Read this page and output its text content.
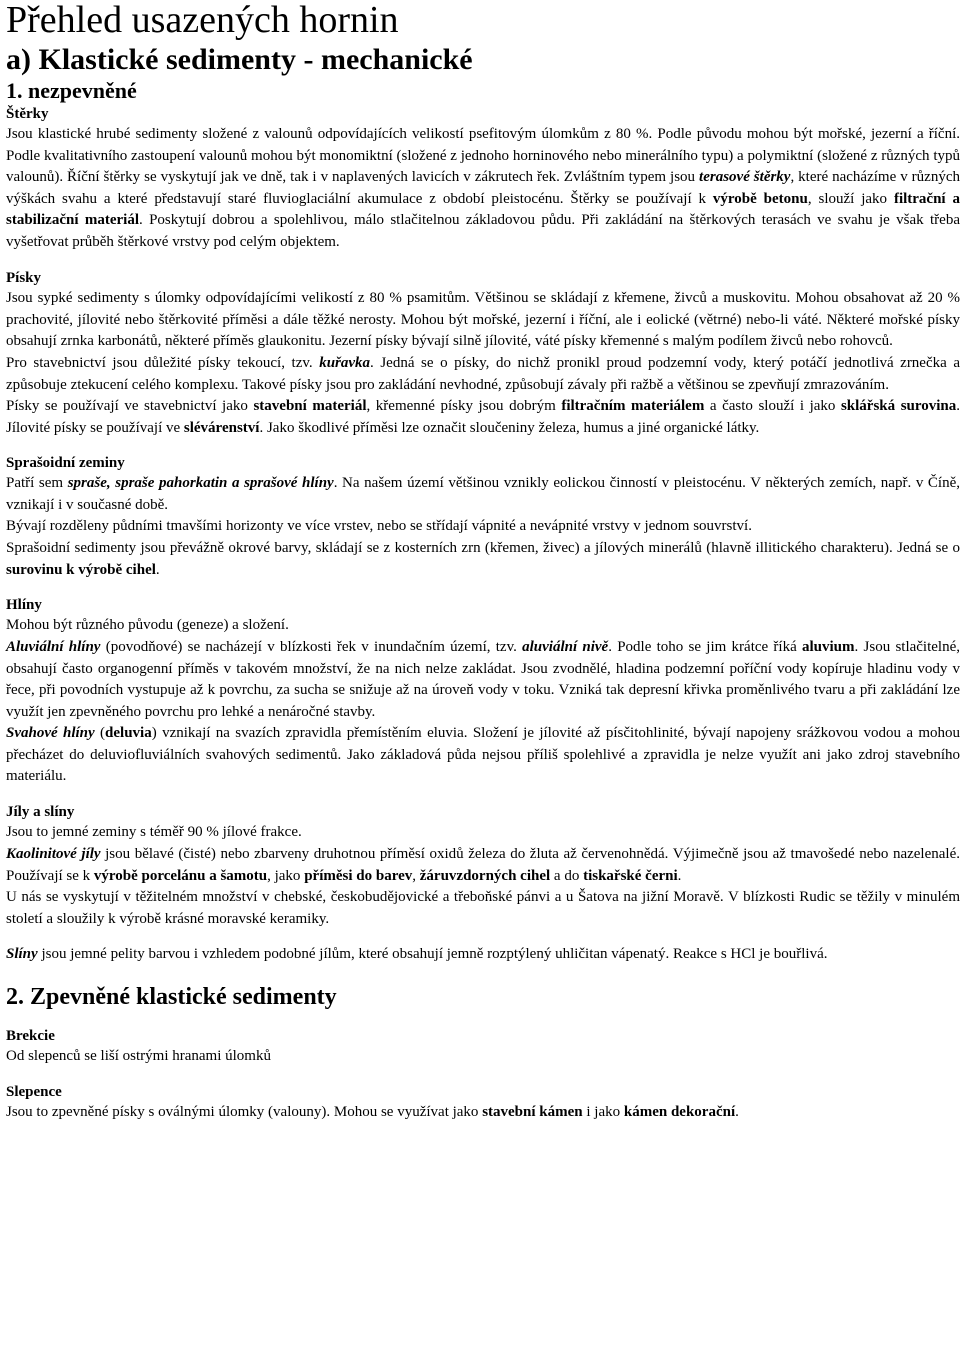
Přehled usazených hornin
a) Klastické sedimenty - mechanické
1. nezpevněné
Štěrky

Jsou klastické hrubé sedimenty složené z valounů odpovídajících velikostí psefitovým úlomkům z 80 %. Podle původu mohou být mořské, jezerní a říční. Podle kvalitativního zastoupení valounů mohou být monomiktní (složené z jednoho horninového nebo minerálního typu) a polymiktní (složené z různých typů valounů). Říční štěrky se vyskytují jak ve dně, tak i v naplavených lavicích v zákrutech řek. Zvláštním typem jsou terasové štěrky, které nacházíme v různých výškách svahu a které představují staré fluvioglaciální akumulace z období pleistocénu. Štěrky se používají k výrobě betonu, slouží jako filtrační a stabilizační materiál. Poskytují dobrou a spolehlivou, málo stlačitelnou základovou půdu. Při zakládání na štěrkových terasách ve svahu je však třeba vyšetřovat průběh štěrkové vrstvy pod celým objektem.

Písky

Jsou sypké sedimenty s úlomky odpovídajícími velikostí z 80 % psamitům. Většinou se skládají z křemene, živců a muskovitu. Mohou obsahovat až 20 % prachovité, jílovité nebo štěrkovité příměsi a dále těžké nerosty. Mohou být mořské, jezerní i říční, ale i eolické (větrné) nebo-li váté. Některé mořské písky obsahují zrnka karbonátů, některé příměs glaukonitu. Jezerní písky bývají silně jílovité, váté písky křemenné s malým podílem živců nebo rohovců.

Pro stavebnictví jsou důležité písky tekoucí, tzv. kuřavka. Jedná se o písky, do nichž pronikl proud podzemní vody, který potáčí jednotlivá zrnečka a způsobuje ztekucení celého komplexu. Takové písky jsou pro zakládání nevhodné, způsobují závaly při ražbě a většinou se zpevňují zmrazováním.

Písky se používají ve stavebnictví jako stavební materiál, křemenné písky jsou dobrým filtračním materiálem a často slouží i jako sklářská surovina. Jílovité písky se používají ve slévárenství. Jako škodlivé příměsi lze označit sloučeniny železa, humus a jiné organické látky.

Sprašoidní zeminy

Patří sem spraše, spraše pahorkatin a sprašové hlíny. Na našem území většinou vznikly eolickou činností v pleistocénu. V některých zemích, např. v Číně, vznikají i v současné době.

Bývají rozděleny půdními tmavšími horizonty ve více vrstev, nebo se střídají vápnité a nevápnité vrstvy v jednom souvrství.

Sprašoidní sedimenty jsou převážně okrové barvy, skládají se z kosterních zrn (křemen, živec) a jílových minerálů (hlavně illitického charakteru). Jedná se o surovinu k výrobě cihel.

Hlíny

Mohou být různého původu (geneze) a složení.

Aluviální hlíny (povodňové) se nacházejí v blízkosti řek v inundačním území, tzv. aluviální nivě. Podle toho se jim krátce říká aluvium. Jsou stlačitelné, obsahují často organogenní příměs v takovém množství, že na nich nelze zakládat. Jsou zvodnělé, hladina podzemní poříční vody kopíruje hladinu vody v řece, při povodních vystupuje až k povrchu, za sucha se snižuje až na úroveň vody v toku. Vzniká tak depresní křivka proměnlivého tvaru a při zakládání lze využít jen zpevněného povrchu pro lehké a nenáročné stavby.

Svahové hlíny (deluvia) vznikají na svazích zpravidla přemístěním eluvia. Složení je jílovité až písčitohlinité, bývají napojeny srážkovou vodou a mohou přecházet do deluviofluviálních svahových sedimentů. Jako základová půda nejsou příliš spolehlivé a zpravidla je nelze využít ani jako zdroj stavebního materiálu.

Jíly a slíny

Jsou to jemné zeminy s téměř 90 % jílové frakce.

Kaolinitové jíly jsou bělavé (čisté) nebo zbarveny druhotnou příměsí oxidů železa do žluta až červenohnědá. Výjimečně jsou až tmavošedé nebo nazelenalé. Používají se k výrobě porcelánu a šamotu, jako příměsi do barev, žáruvzdorných cihel a do tiskařské černi.

U nás se vyskytují v těžitelném množství v chebské, českobudějovické a třeboňské pánvi a u Šatova na jižní Moravě. V blízkosti Rudic se těžily v minulém století a sloužily k výrobě krásné moravské keramiky.

Slíny jsou jemné pelity barvou i vzhledem podobné jílům, které obsahují jemně rozptýlený uhličitan vápenatý. Reakce s HCl je bouřlivá.

2. Zpevněné klastické sedimenty
Brekcie

Od slepenců se liší ostrými hranami úlomků

Slepence

Jsou to zpevněné písky s oválnými úlomky (valouny). Mohou se využívat jako stavební kámen i jako kámen dekorační.
